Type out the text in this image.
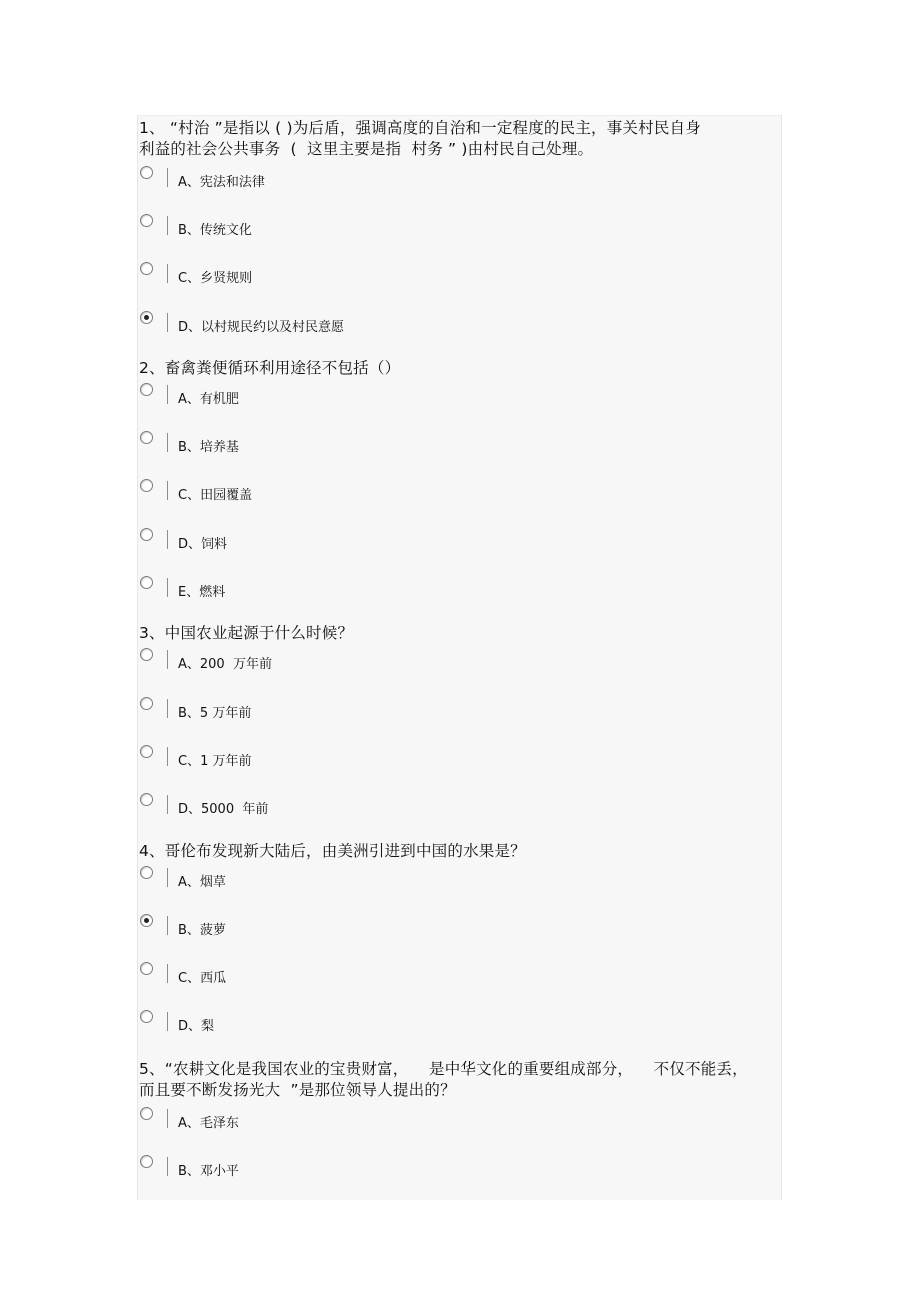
1、 “村治 ”是指以 ( )为后盾，强调高度的自治和一定程度的民主，事关村民自身
利益的社会公共事务  (  这里主要是指  村务 ” )由村民自己处理。
A、宪法和法律
B、传统文化
C、乡贤规则
D、以村规民约以及村民意愿
2、畜禽粪便循环利用途径不包括（）
A、有机肥
B、培养基
C、田园覆盖
D、饲料
E、燃料
3、中国农业起源于什么时候？
A、200  万年前
B、5 万年前
C、1 万年前
D、5000  年前
4、哥伦布发现新大陆后，由美洲引进到中国的水果是？
A、烟草
B、菠萝
C、西瓜
D、梨
5、“农耕文化是我国农业的宝贵财富，    是中华文化的重要组成部分，    不仅不能丢，
而且要不断发扬光大  ”是那位领导人提出的？
A、毛泽东
B、邓小平
